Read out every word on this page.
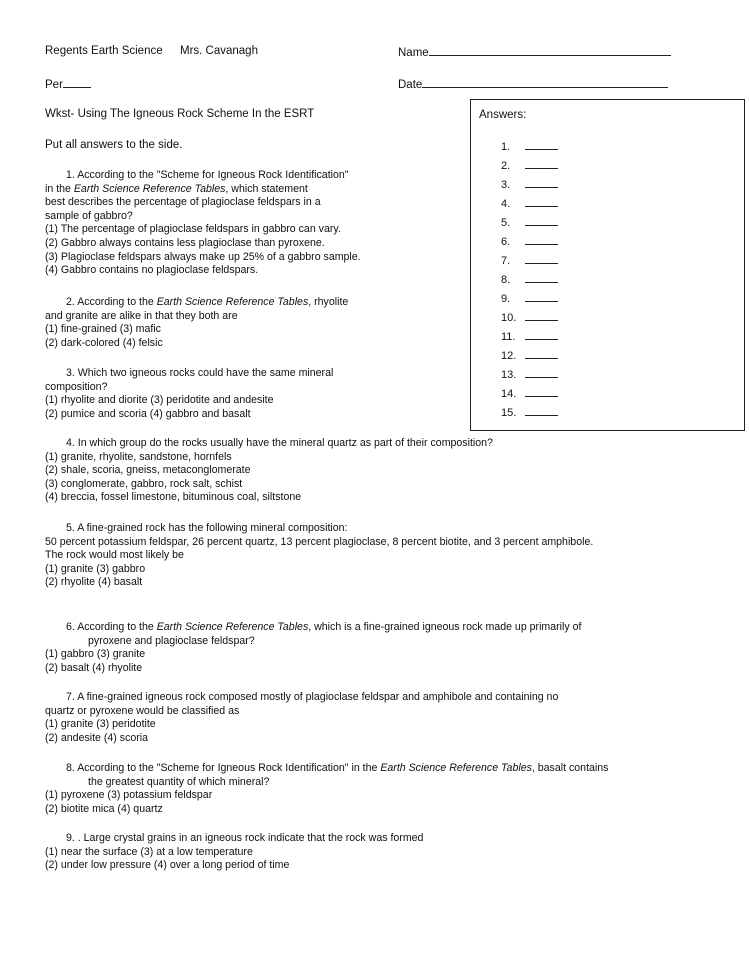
Regents Earth Science Mrs. Cavanagh	Name
Per	Date
Wkst- Using The Igneous Rock Scheme In the ESRT
Put all answers to the side.
Answers:
1.
2.
3.
4.
5.
6.
7.
8.
9.
10.
11.
12.
13.
14.
15.
1. According to the "Scheme for Igneous Rock Identification"
in the Earth Science Reference Tables, which statement
best describes the percentage of plagioclase feldspars in a
sample of gabbro?
(1) The percentage of plagioclase feldspars in gabbro can vary.
(2) Gabbro always contains less plagioclase than pyroxene.
(3) Plagioclase feldspars always make up 25% of a gabbro sample.
(4) Gabbro contains no plagioclase feldspars.
2. According to the Earth Science Reference Tables, rhyolite
and granite are alike in that they both are
(1) fine-grained (3) mafic
(2) dark-colored (4) felsic
3. Which two igneous rocks could have the same mineral
composition?
(1) rhyolite and diorite (3) peridotite and andesite
(2) pumice and scoria (4) gabbro and basalt
4. In which group do the rocks usually have the mineral quartz as part of their composition?
(1) granite, rhyolite, sandstone, hornfels
(2) shale, scoria, gneiss, metaconglomerate
(3) conglomerate, gabbro, rock salt, schist
(4) breccia, fossel limestone, bituminous coal, siltstone
5. A fine-grained rock has the following mineral composition:
50 percent potassium feldspar, 26 percent quartz, 13 percent plagioclase, 8 percent biotite, and 3 percent amphibole.
The rock would most likely be
(1) granite (3) gabbro
(2) rhyolite (4) basalt
6. According to the Earth Science Reference Tables, which is a fine-grained igneous rock made up primarily of
pyroxene and plagioclase feldspar?
(1) gabbro (3) granite
(2) basalt (4) rhyolite
7. A fine-grained igneous rock composed mostly of plagioclase feldspar and amphibole and containing no
quartz or pyroxene would be classified as
(1) granite (3) peridotite
(2) andesite (4) scoria
8. According to the "Scheme for Igneous Rock Identification" in the Earth Science Reference Tables, basalt contains
the greatest quantity of which mineral?
(1) pyroxene (3) potassium feldspar
(2) biotite mica (4) quartz
9. . Large crystal grains in an igneous rock indicate that the rock was formed
(1) near the surface (3) at a low temperature
(2) under low pressure (4) over a long period of time
